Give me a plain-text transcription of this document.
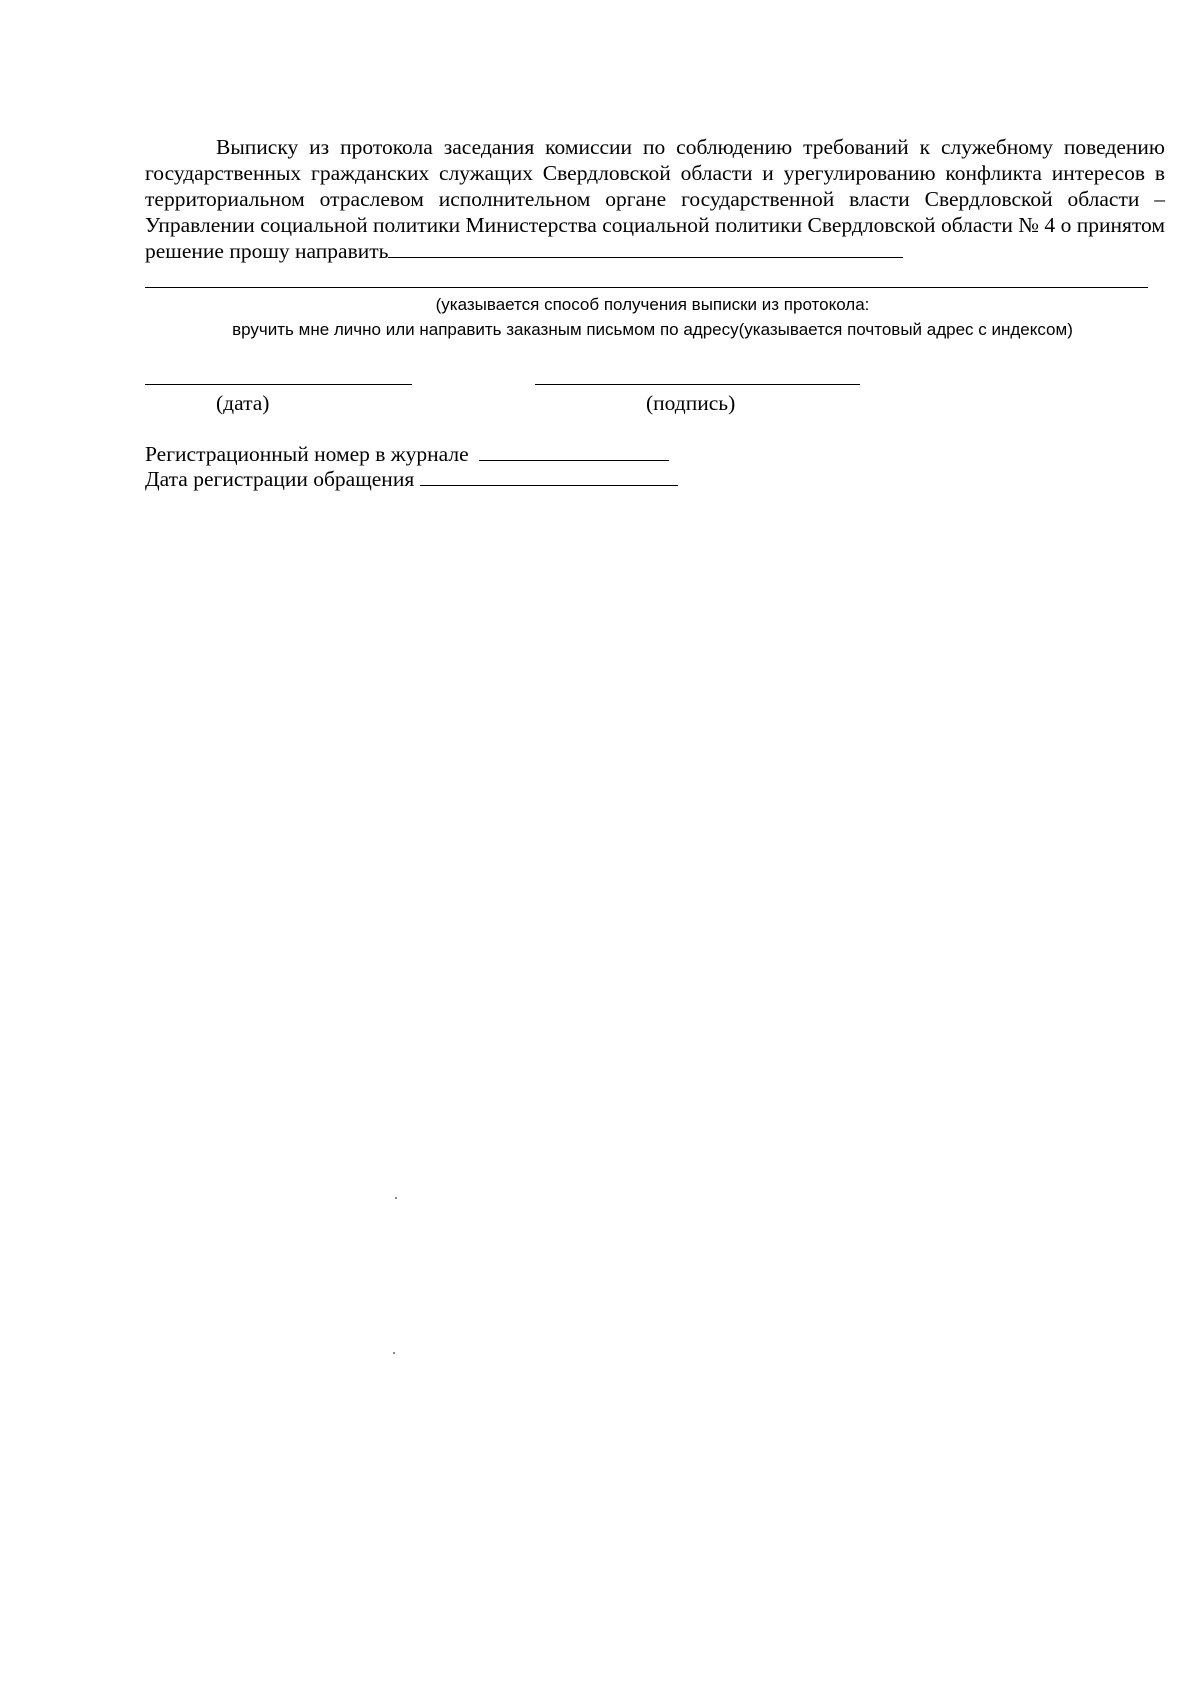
Выписку из протокола заседания комиссии по соблюдению требований к служебному поведению государственных гражданских служащих Свердловской области и урегулированию конфликта интересов в территориальном отраслевом исполнительном органе государственной власти Свердловской области – Управлении социальной политики Министерства социальной политики Свердловской области № 4 о принятом решение прошу направить

(указывается способ получения выписки из протокола:

вручить мне лично или направить заказным письмом по адресу(указывается почтовый адрес с индексом)

(дата)	(подпись)
Регистрационный номер в журнале
Дата регистрации обращения
